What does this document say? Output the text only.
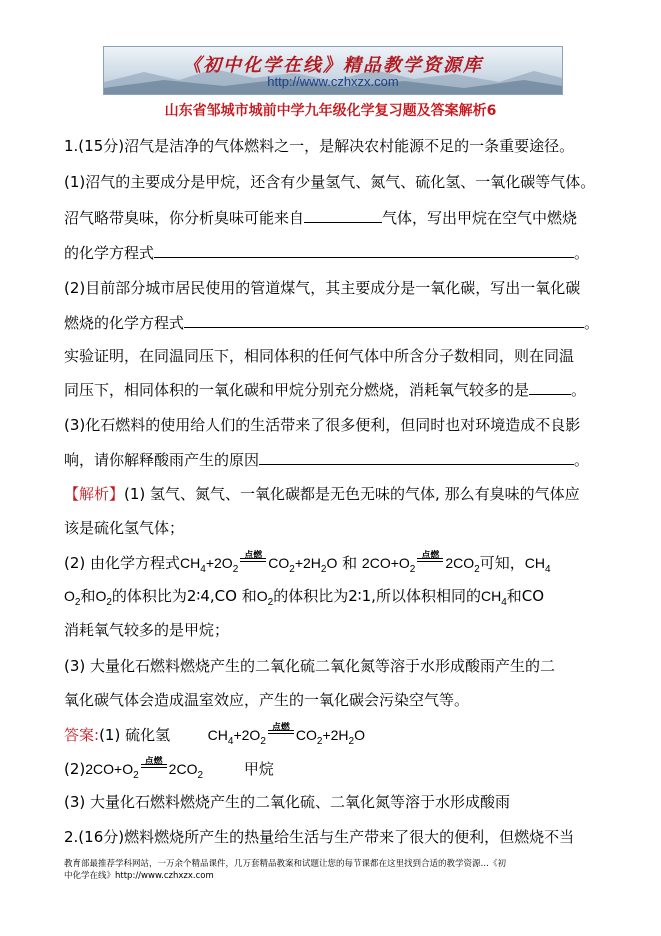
《初中化学在线》精品教学资源库
http://www.czhxzx.com
山东省邹城市城前中学九年级化学复习题及答案解析6
1.(15分)沼气是洁净的气体燃料之一，是解决农村能源不足的一条重要途径。
(1)沼气的主要成分是甲烷，还含有少量氢气、氮气、硫化氢、一氧化碳等气体。
沼气略带臭味，你分析臭味可能来自	气体，写出甲烷在空气中燃烧
的化学方程式	。
(2)目前部分城市居民使用的管道煤气，其主要成分是一氧化碳，写出一氧化碳
燃烧的化学方程式	。
实验证明，在同温同压下，相同体积的任何气体中所含分子数相同，则在同温
同压下，相同体积的一氧化碳和甲烷分别充分燃烧，消耗氧气较多的是	。
(3)化石燃料的使用给人们的生活带来了很多便利，但同时也对环境造成不良影
响，请你解释酸雨产生的原因	。
【解析】(1) 氢气、氮气、一氧化碳都是无色无味的气体, 那么有臭味的气体应
该是硫化氢气体；
(2) 由化学方程式$CH_4+2O_2$
点燃 $CO_2+2H_2O$ 和 $2CO+O_2$
点燃 $2CO_2$可知，$CH_4$
$O_2$和$O_2$的体积比为2∶4,CO 和$O_2$的体积比为2∶1,所以体积相同的$CH_4$和CO
消耗氧气较多的是甲烷；
(3) 大量化石燃料燃烧产生的二氧化硫二氧化氮等溶于水形成酸雨产生的二
氧化碳气体会造成温室效应，产生的一氧化碳会污染空气等。
答案:(1) 硫化氢	$CH_4+2O_2$
点燃 $CO_2+2H_2O$
$(2)2CO+O_2$
点燃 $2CO_2$	甲烷
(3) 大量化石燃料燃烧产生的二氧化硫、二氧化氮等溶于水形成酸雨
2.(16分)燃料燃烧所产生的热量给生活与生产带来了很大的便利，但燃烧不当
教育部最推荐学科网站，一万余个精品课件，几万套精品教案和试题让您的每节课都在这里找到合适的教学资源…《初
中化学在线》http://www.czhxzx.com
